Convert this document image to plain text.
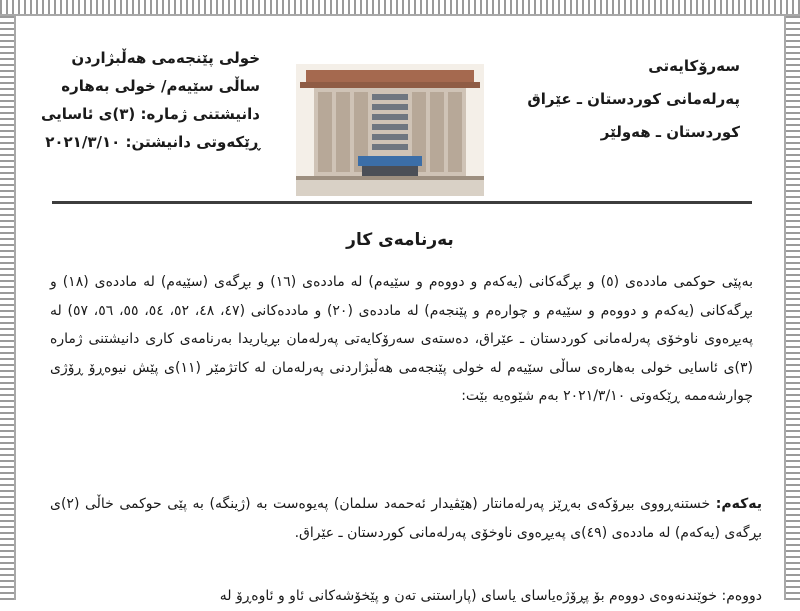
سەرۆکایەتی
پەرلەمانی کوردستان ـ عێراق
کوردستان ـ هەولێر
خولی پێنجەمی هەڵبژاردن
ساڵی سێیەم/ خولی بەهارە
دانیشتنی ژمارە: (٣)ی ئاسایی
ڕێکەوتی دانیشتن: ٢٠٢١/٣/١٠
بەرنامەی کار
بەپێی حوکمی ماددەی (٥) و بڕگەکانی (یەکەم و دووەم و سێیەم) لە ماددەی (١٦) و بڕگەی (سێیەم) لە ماددەی (١٨) و بڕگەکانی (یەکەم و دووەم و سێیەم و چوارەم و پێنجەم) لە ماددەی (٢٠) و ماددەکانی (٤٧، ٤٨، ٥٢، ٥٤، ٥٥، ٥٦، ٥٧) لە پەیڕەوی ناوخۆی پەرلەمانی کوردستان ـ عێراق، دەستەی سەرۆکایەتی پەرلەمان بڕیاریدا بەرنامەی کاری دانیشتنی ژمارە (٣)ی ئاسایی خولی بەهارەی ساڵی سێیەم لە خولی پێنجەمی هەڵبژاردنی پەرلەمان لە کاتژمێر (١١)ی پێش نیوەڕۆ ڕۆژی چوارشەممە ڕێکەوتی ٢٠٢١/٣/١٠ بەم شێوەیە بێت:
یەکەم: خستنەڕووی بیرۆکەی بەڕێز پەرلەمانتار (هێڤیدار ئەحمەد سلمان) پەیوەست بە (ژینگە) بە پێی حوکمی خاڵی (٢)ی بڕگەی (یەکەم) لە ماددەی (٤٩)ی پەیڕەوی ناوخۆی پەرلەمانی کوردستان ـ عێراق.
دووەم: خوێندنەوەی دووەم بۆ پڕۆژەیاسای یاسای (پاراستنی تەن و پێخۆشەکانی ئاو و ئاوەڕۆ لە
